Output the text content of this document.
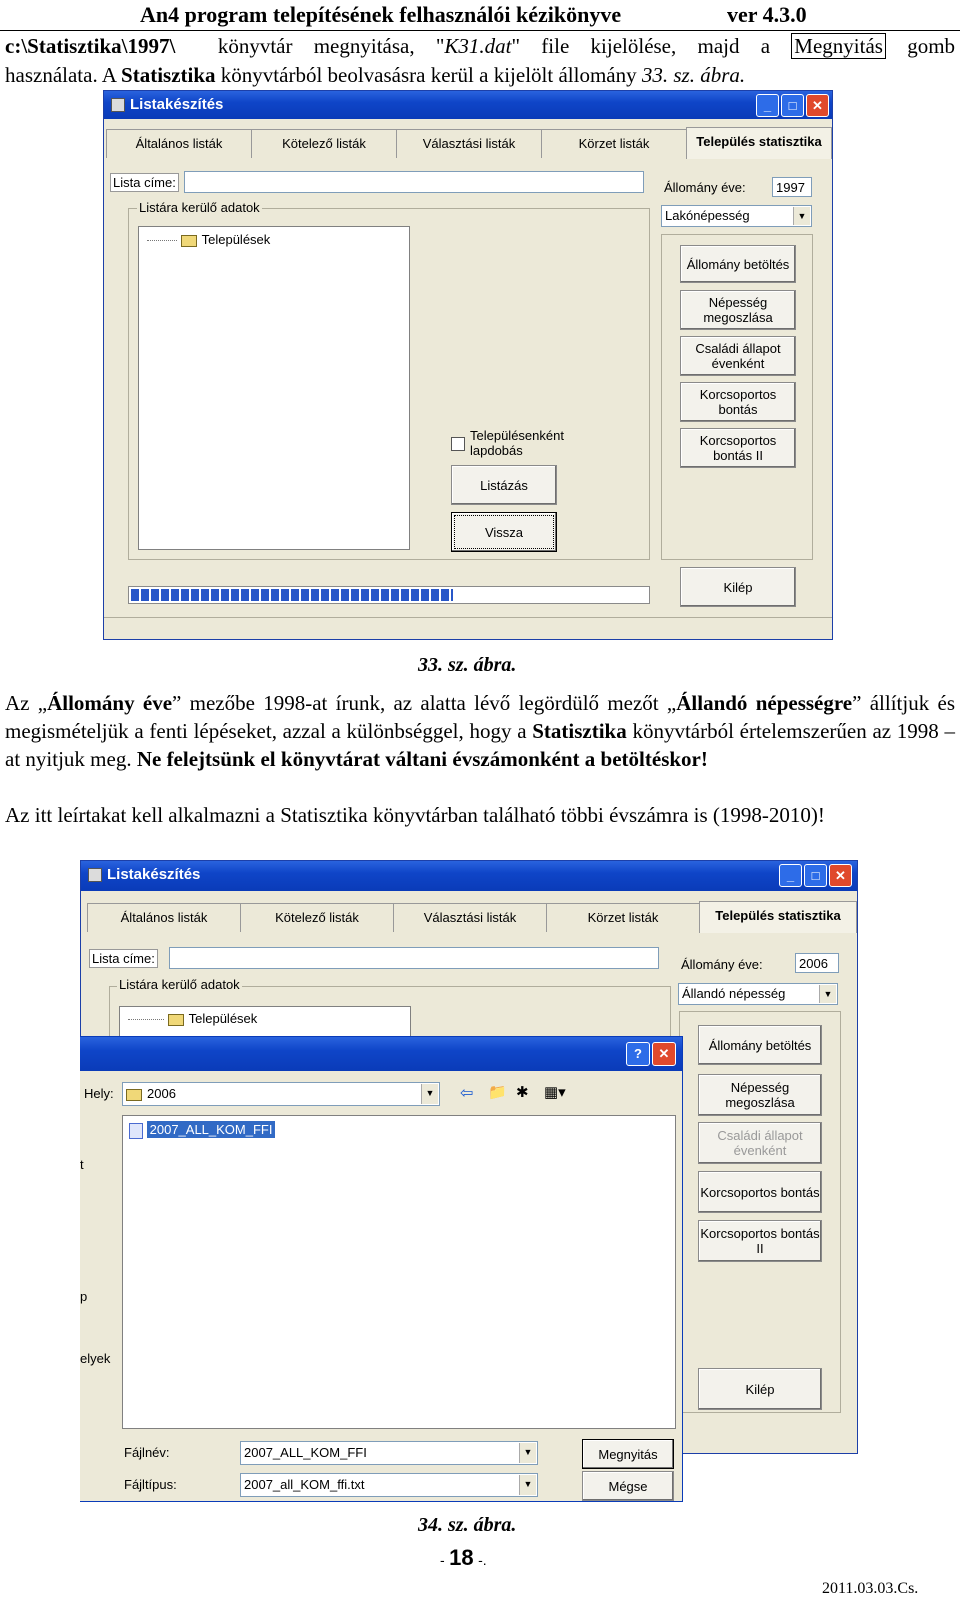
An4 program telepítésének felhasználói kézikönyve	ver 4.3.0
c:\Statisztika\1997\ könyvtár megnyitása, "K31.dat" file kijelölése, majd a Megnyitás gomb
használata. A Statisztika könyvtárból beolvasásra kerül a kijelölt állomány 33. sz. ábra.
Listakészítés	_	□	✕
Általános listák	Kötelező listák	Választási listák	Körzet listák	Település statisztika
Lista címe:	Állomány éve:	1997
Lakónépesség	▼
Listára kerülő adatok
Települések
Településenként lapdobás
Listázás
Vissza
Állomány betöltés
Népesség megoszlása
Családi állapot évenként
Korcsoportos bontás
Korcsoportos bontás II
Kilép
33. sz. ábra.
Az „Állomány éve” mezőbe 1998-at írunk, az alatta lévő legördülő mezőt „Állandó népességre” állítjuk és megismételjük a fenti lépéseket, azzal a különbséggel, hogy a Statisztika könyvtárból értelemszerűen az 1998 –at nyitjuk meg. Ne felejtsünk el könyvtárat váltani évszámonként a betöltéskor!
Az itt leírtakat kell alkalmazni a Statisztika könyvtárban található többi évszámra is (1998-2010)!
Listakészítés	_	□	✕
Általános listák	Kötelező listák	Választási listák	Körzet listák	Település statisztika
Lista címe:	Állomány éve:	2006
Állandó népesség	▼
Listára kerülő adatok
Települések
Állomány betöltés
Népesség megoszlása
Családi állapot évenként
Korcsoportos bontás
Korcsoportos bontás II
Kilép
?	✕
Hely:	2006	▼ ⇦ 📁 ✱ ▦▾
2007_ALL_KOM_FFI
t
p
elyek
Fájlnév:	2007_ALL_KOM_FFI	▼
Fájltípus:	2007_all_KOM_ffi.txt	▼
Megnyitás
Mégse
34. sz. ábra.
- 18 -.
2011.03.03.Cs.
